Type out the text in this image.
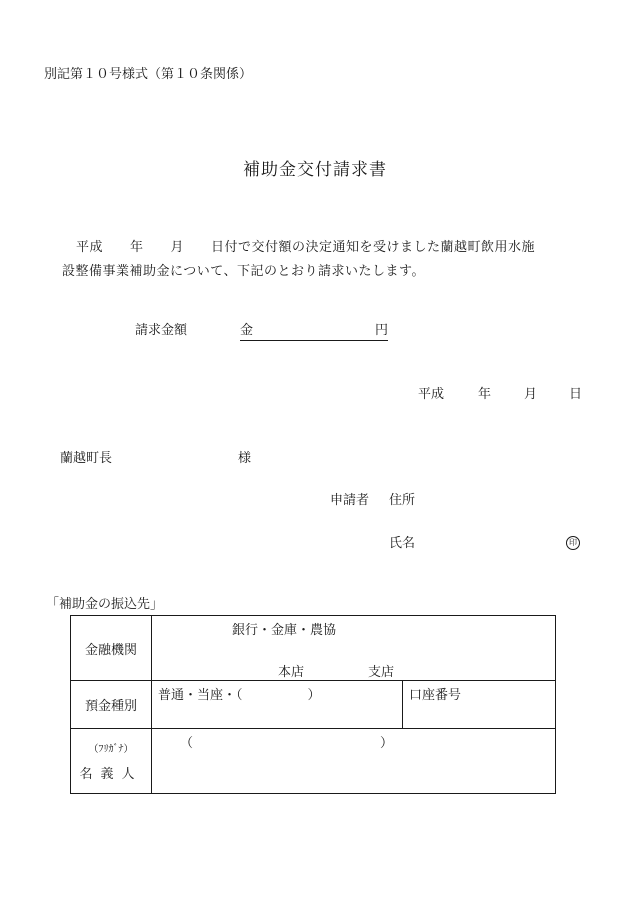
別記第１０号様式（第１０条関係）
補助金交付請求書
平成　　年　　月　　日付で交付額の決定通知を受けました蘭越町飲用水施
設整備事業補助金について、下記のとおり請求いたします。
請求金額	金	円
平成	年	月 日
蘭越町長	様
申請者 住所
氏名	印
「補助金の振込先」
金融機関	銀行・金庫・農協
本店 支店	

預金種別	普通・当座・（　　　　　）	口座番号

（ﾌﾘｶﾞﾅ）
名義人	（ ）	
